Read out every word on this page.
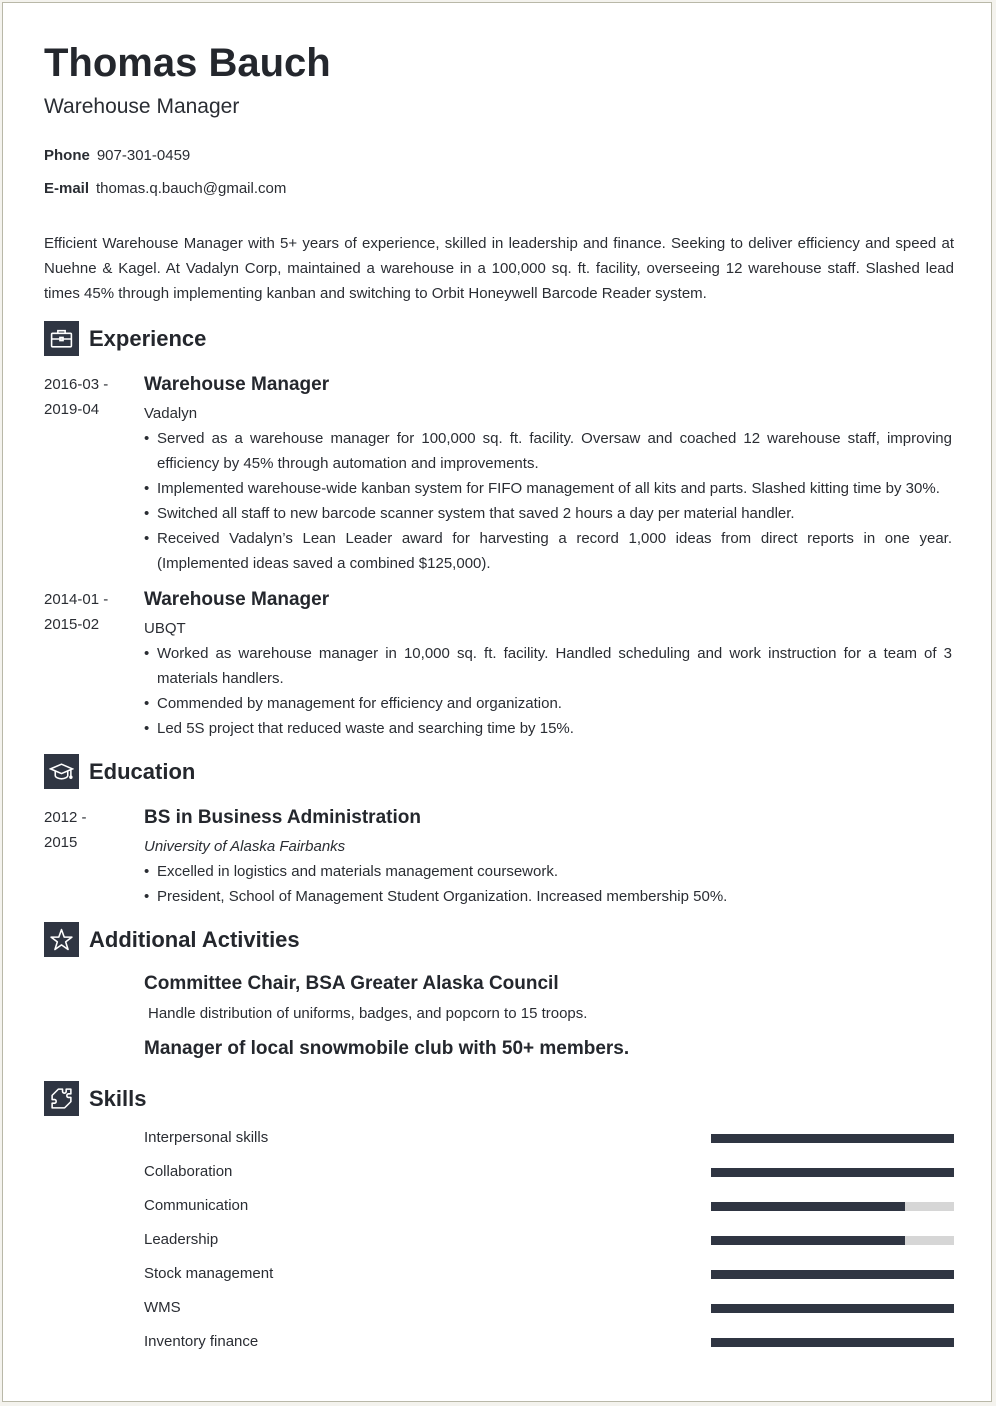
Thomas Bauch
Warehouse Manager
Phone 907-301-0459
E-mail thomas.q.bauch@gmail.com

Efficient Warehouse Manager with 5+ years of experience, skilled in leadership and finance. Seeking to deliver efficiency and speed at Nuehne & Kagel. At Vadalyn Corp, maintained a warehouse in a 100,000 sq. ft. facility, overseeing 12 warehouse staff. Slashed lead times 45% through implementing kanban and switching to Orbit Honeywell Barcode Reader system.

Experience
2016-03 -
2019-04
Warehouse Manager
Vadalyn
• Served as a warehouse manager for 100,000 sq. ft. facility. Oversaw and coached 12 warehouse staff, improving efficiency by 45% through automation and improvements.
• Implemented warehouse-wide kanban system for FIFO management of all kits and parts. Slashed kitting time by 30%.
• Switched all staff to new barcode scanner system that saved 2 hours a day per material handler.
• Received Vadalyn’s Lean Leader award for harvesting a record 1,000 ideas from direct reports in one year. (Implemented ideas saved a combined $125,000).
2014-01 -
2015-02
Warehouse Manager
UBQT
• Worked as warehouse manager in 10,000 sq. ft. facility. Handled scheduling and work instruction for a team of 3 materials handlers.
• Commended by management for efficiency and organization.
• Led 5S project that reduced waste and searching time by 15%.
Education
2012 -
2015
BS in Business Administration
University of Alaska Fairbanks
• Excelled in logistics and materials management coursework.
• President, School of Management Student Organization. Increased membership 50%.
Additional Activities
Committee Chair, BSA Greater Alaska Council
Handle distribution of uniforms, badges, and popcorn to 15 troops.
Manager of local snowmobile club with 50+ members.
Skills
Interpersonal skills
Collaboration
Communication
Leadership
Stock management
WMS
Inventory finance
